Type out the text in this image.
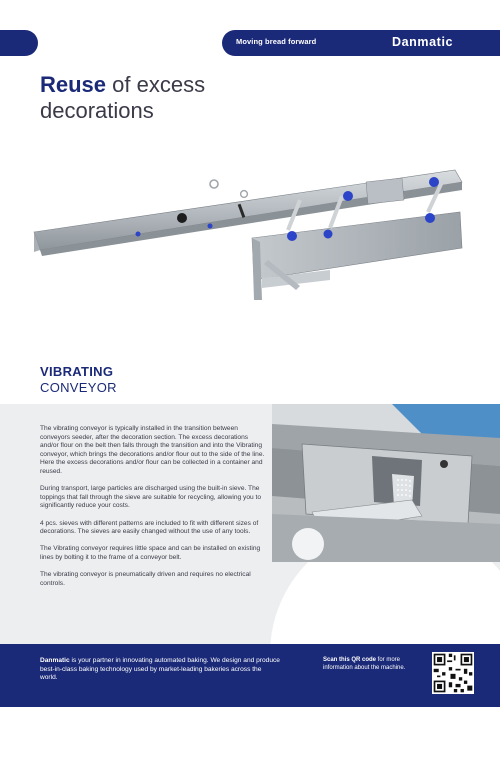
Moving bread forward	Danmatic
Reuse of excess
decorations
VIBRATING
CONVEYOR

The vibrating conveyor is typically installed in the transition between conveyors seeder, after the decoration section. The excess decorations and/or flour on the belt then falls through the transition and into the Vibrating conveyor, which brings the decorations and/or flour out to the side of the line. Here the excess decorations and/or flour can be collected in a container and reused.

During transport, large particles are discharged using the built-in sieve. The toppings that fall through the sieve are suitable for recycling, allowing you to significantly reduce your costs.

4 pcs. sieves with different patterns are included to fit with different sizes of decorations. The sieves are easily changed without the use of any tools.

The Vibrating conveyor requires little space and can be installed on existing lines by bolting it to the frame of a conveyor belt.

The vibrating conveyor is pneumatically driven and requires no electrical controls.

Danmatic is your partner in innovating automated baking. We design and produce best-in-class baking technology used by market-leading bakeries across the world.
Scan this QR code for more information about the machine.
